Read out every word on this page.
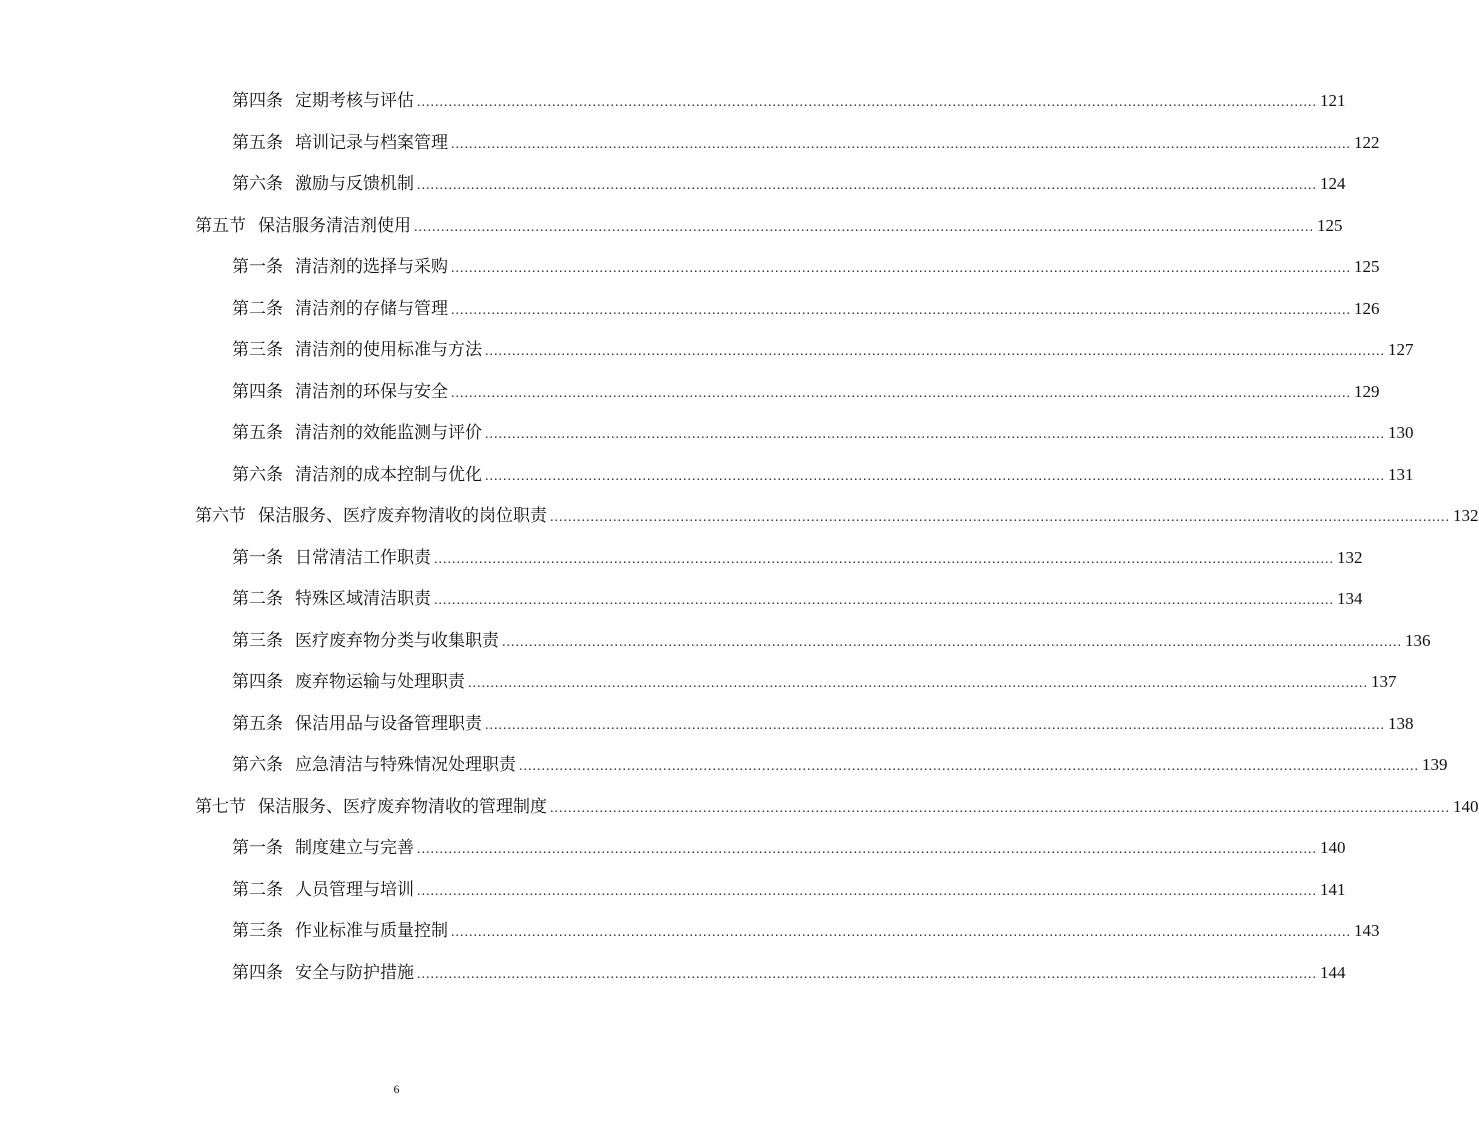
第四条 定期考核与评估 ........................................................................................................................................................................................................ 121
第五条 培训记录与档案管理 ........................................................................................................................................................................................................ 122
第六条 激励与反馈机制 ........................................................................................................................................................................................................ 124
第五节 保洁服务清洁剂使用 ........................................................................................................................................................................................................ 125
第一条 清洁剂的选择与采购 ........................................................................................................................................................................................................ 125
第二条 清洁剂的存储与管理 ........................................................................................................................................................................................................ 126
第三条 清洁剂的使用标准与方法 ........................................................................................................................................................................................................ 127
第四条 清洁剂的环保与安全 ........................................................................................................................................................................................................ 129
第五条 清洁剂的效能监测与评价 ........................................................................................................................................................................................................ 130
第六条 清洁剂的成本控制与优化 ........................................................................................................................................................................................................ 131
第六节 保洁服务、医疗废弃物清收的岗位职责 ........................................................................................................................................................................................................ 132
第一条 日常清洁工作职责 ........................................................................................................................................................................................................ 132
第二条 特殊区域清洁职责 ........................................................................................................................................................................................................ 134
第三条 医疗废弃物分类与收集职责 ........................................................................................................................................................................................................ 136
第四条 废弃物运输与处理职责 ........................................................................................................................................................................................................ 137
第五条 保洁用品与设备管理职责 ........................................................................................................................................................................................................ 138
第六条 应急清洁与特殊情况处理职责 ........................................................................................................................................................................................................ 139
第七节 保洁服务、医疗废弃物清收的管理制度 ........................................................................................................................................................................................................ 140
第一条 制度建立与完善 ........................................................................................................................................................................................................ 140
第二条 人员管理与培训 ........................................................................................................................................................................................................ 141
第三条 作业标准与质量控制 ........................................................................................................................................................................................................ 143
第四条 安全与防护措施 ........................................................................................................................................................................................................ 144
6
